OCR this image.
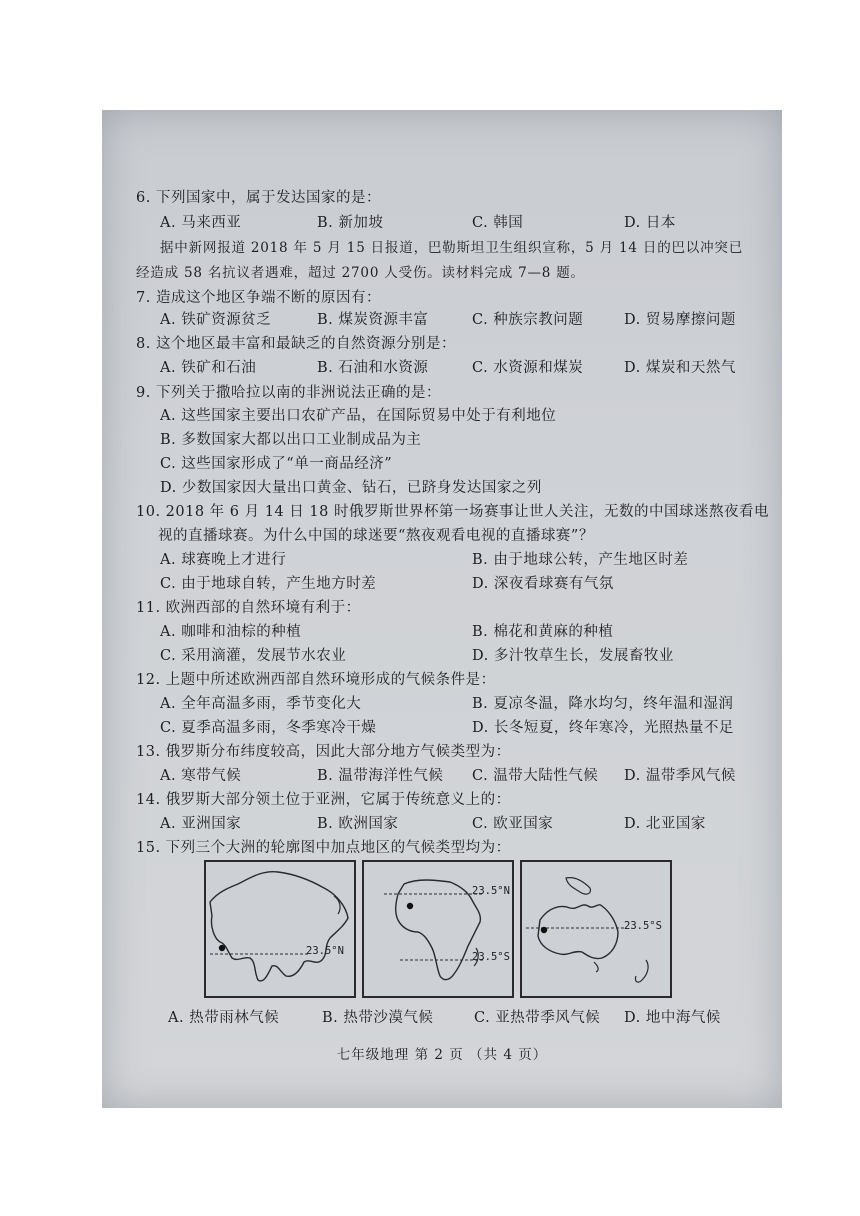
6. 下列国家中，属于发达国家的是：
A. 马来西亚	B. 新加坡	C. 韩国	D. 日本
据中新网报道 2018 年 5 月 15 日报道，巴勒斯坦卫生组织宣称，5 月 14 日的巴以冲突已
经造成 58 名抗议者遇难，超过 2700 人受伤。读材料完成 7—8 题。
7. 造成这个地区争端不断的原因有：
A. 铁矿资源贫乏	B. 煤炭资源丰富	C. 种族宗教问题	D. 贸易摩擦问题
8. 这个地区最丰富和最缺乏的自然资源分别是：
A. 铁矿和石油	B. 石油和水资源	C. 水资源和煤炭	D. 煤炭和天然气
9. 下列关于撒哈拉以南的非洲说法正确的是：
A. 这些国家主要出口农矿产品，在国际贸易中处于有利地位
B. 多数国家大都以出口工业制成品为主
C. 这些国家形成了“单一商品经济”
D. 少数国家因大量出口黄金、钻石，已跻身发达国家之列
10. 2018 年 6 月 14 日 18 时俄罗斯世界杯第一场赛事让世人关注，无数的中国球迷熬夜看电
视的直播球赛。为什么中国的球迷要“熬夜观看电视的直播球赛”？
A. 球赛晚上才进行	B. 由于地球公转，产生地区时差
C. 由于地球自转，产生地方时差	D. 深夜看球赛有气氛
11. 欧洲西部的自然环境有利于：
A. 咖啡和油棕的种植	B. 棉花和黄麻的种植
C. 采用滴灌，发展节水农业	D. 多汁牧草生长，发展畜牧业
12. 上题中所述欧洲西部自然环境形成的气候条件是：
A. 全年高温多雨，季节变化大	B. 夏凉冬温，降水均匀，终年温和湿润
C. 夏季高温多雨，冬季寒冷干燥	D. 长冬短夏，终年寒冷，光照热量不足
13. 俄罗斯分布纬度较高，因此大部分地方气候类型为：
A. 寒带气候	B. 温带海洋性气候 C. 温带大陆性气候 D. 温带季风气候
14. 俄罗斯大部分领土位于亚洲，它属于传统意义上的：
A. 亚洲国家	B. 欧洲国家	C. 欧亚国家	D. 北亚国家
15. 下列三个大洲的轮廓图中加点地区的气候类型均为：
23.5°N
23.5°N
23.5°S
23.5°S
A. 热带雨林气候	B. 热带沙漠气候	C. 亚热带季风气候 D. 地中海气候
七年级地理 第 2 页 （共 4 页）
